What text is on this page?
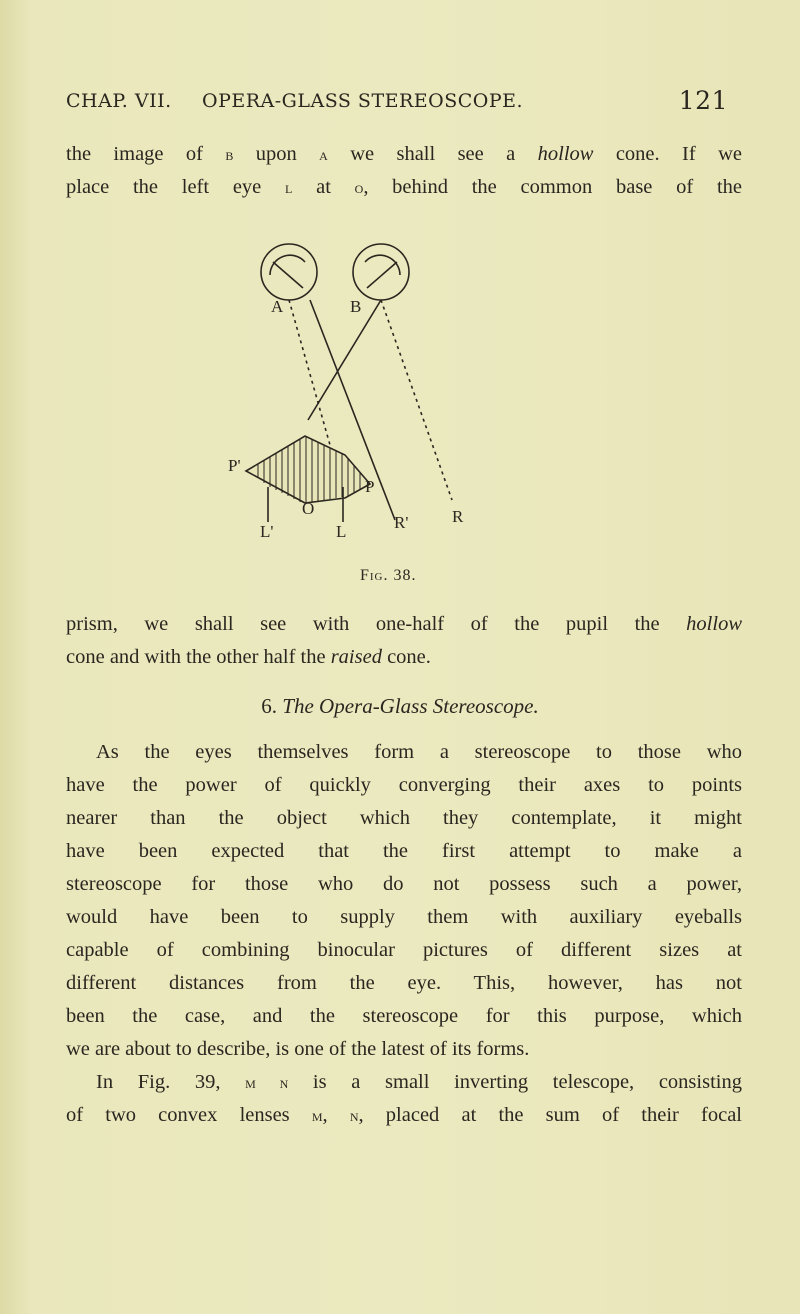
CHAP. VII. OPERA-GLASS STEREOSCOPE.	121
the image of b upon a we shall see a hollow cone. If we
place the left eye l at o, behind the common base of the
A	B
P'
P
O
L'	L	R'	R
Fig. 38.
prism, we shall see with one-half of the pupil the hollow
cone and with the other half the raised cone.
6. The Opera-Glass Stereoscope.
As the eyes themselves form a stereoscope to those who
have the power of quickly converging their axes to points
nearer than the object which they contemplate, it might
have been expected that the first attempt to make a
stereoscope for those who do not possess such a power,
would have been to supply them with auxiliary eyeballs
capable of combining binocular pictures of different sizes at
different distances from the eye. This, however, has not
been the case, and the stereoscope for this purpose, which
we are about to describe, is one of the latest of its forms.
In Fig. 39, m n is a small inverting telescope, consisting
of two convex lenses m, n, placed at the sum of their focal
